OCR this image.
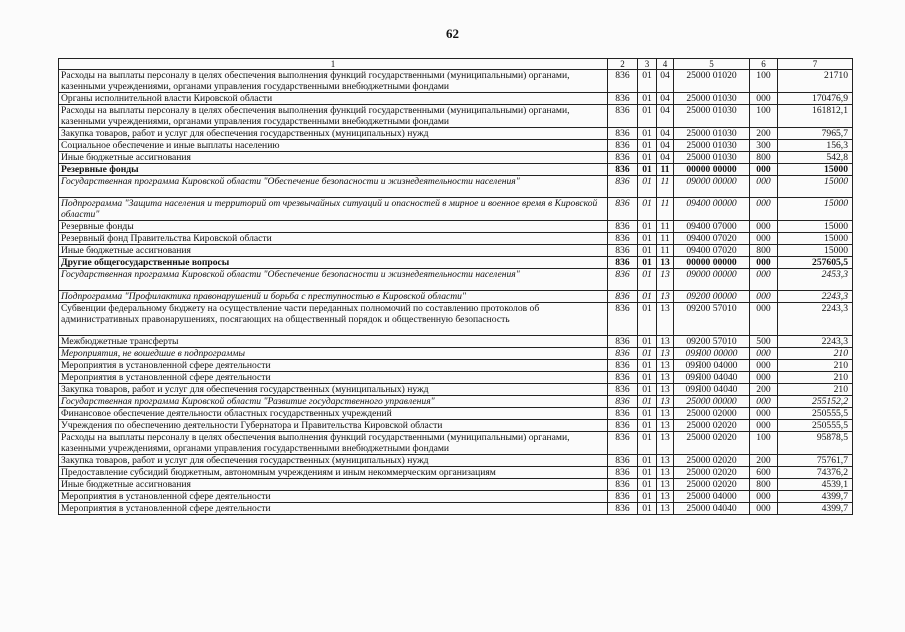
62
1	2	3	4	5	6	7
Расходы на выплаты персоналу в целях обеспечения выполнения функций государственными (муниципальными) органами, казенными учреждениями, органами управления государственными внебюджетными фондами	836	01	04	25000 01020	100	21710
Органы исполнительной власти Кировской области	836	01	04	25000 01030	000	170476,9
Расходы на выплаты персоналу в целях обеспечения выполнения функций государственными (муниципальными) органами, казенными учреждениями, органами управления государственными внебюджетными фондами	836	01	04	25000 01030	100	161812,1
Закупка товаров, работ и услуг для обеспечения государственных (муниципальных) нужд	836	01	04	25000 01030	200	7965,7
Социальное обеспечение и иные выплаты населению	836	01	04	25000 01030	300	156,3
Иные бюджетные ассигнования	836	01	04	25000 01030	800	542,8
Резервные фонды	836	01	11	00000 00000	000	15000
Государственная программа Кировской области "Обеспечение безопасности и жизнедеятельности населения"	836	01	11	09000 00000	000	15000
Подпрограмма "Защита населения и территорий от чрезвычайных ситуаций и опасностей в мирное и военное время в Кировской области"	836	01	11	09400 00000	000	15000
Резервные фонды	836	01	11	09400 07000	000	15000
Резервный фонд Правительства Кировской области	836	01	11	09400 07020	000	15000
Иные бюджетные ассигнования	836	01	11	09400 07020	800	15000
Другие общегосударственные вопросы	836	01	13	00000 00000	000	257605,5
Государственная программа Кировской области "Обеспечение безопасности и жизнедеятельности населения"	836	01	13	09000 00000	000	2453,3
Подпрограмма "Профилактика правонарушений и борьба с преступностью в Кировской области"	836	01	13	09200 00000	000	2243,3
Субвенции федеральному бюджету на осуществление части переданных полномочий по составлению протоколов об административных правонарушениях, посягающих на общественный порядок и общественную безопасность	836	01	13	09200 57010	000	2243,3
Межбюджетные трансферты	836	01	13	09200 57010	500	2243,3
Мероприятия, не вошедшие в подпрограммы	836	01	13	09Я00 00000	000	210
Мероприятия в установленной сфере деятельности	836	01	13	09Я00 04000	000	210
Мероприятия в установленной сфере деятельности	836	01	13	09Я00 04040	000	210
Закупка товаров, работ и услуг для обеспечения государственных (муниципальных) нужд	836	01	13	09Я00 04040	200	210
Государственная программа Кировской области "Развитие государственного управления"	836	01	13	25000 00000	000	255152,2
Финансовое обеспечение деятельности областных государственных учреждений	836	01	13	25000 02000	000	250555,5
Учреждения по обеспечению деятельности Губернатора и Правительства Кировской области	836	01	13	25000 02020	000	250555,5
Расходы на выплаты персоналу в целях обеспечения выполнения функций государственными (муниципальными) органами, казенными учреждениями, органами управления государственными внебюджетными фондами	836	01	13	25000 02020	100	95878,5
Закупка товаров, работ и услуг для обеспечения государственных (муниципальных) нужд	836	01	13	25000 02020	200	75761,7
Предоставление субсидий бюджетным, автономным учреждениям и иным некоммерческим организациям	836	01	13	25000 02020	600	74376,2
Иные бюджетные ассигнования	836	01	13	25000 02020	800	4539,1
Мероприятия в установленной сфере деятельности	836	01	13	25000 04000	000	4399,7
Мероприятия в установленной сфере деятельности	836	01	13	25000 04040	000	4399,7
